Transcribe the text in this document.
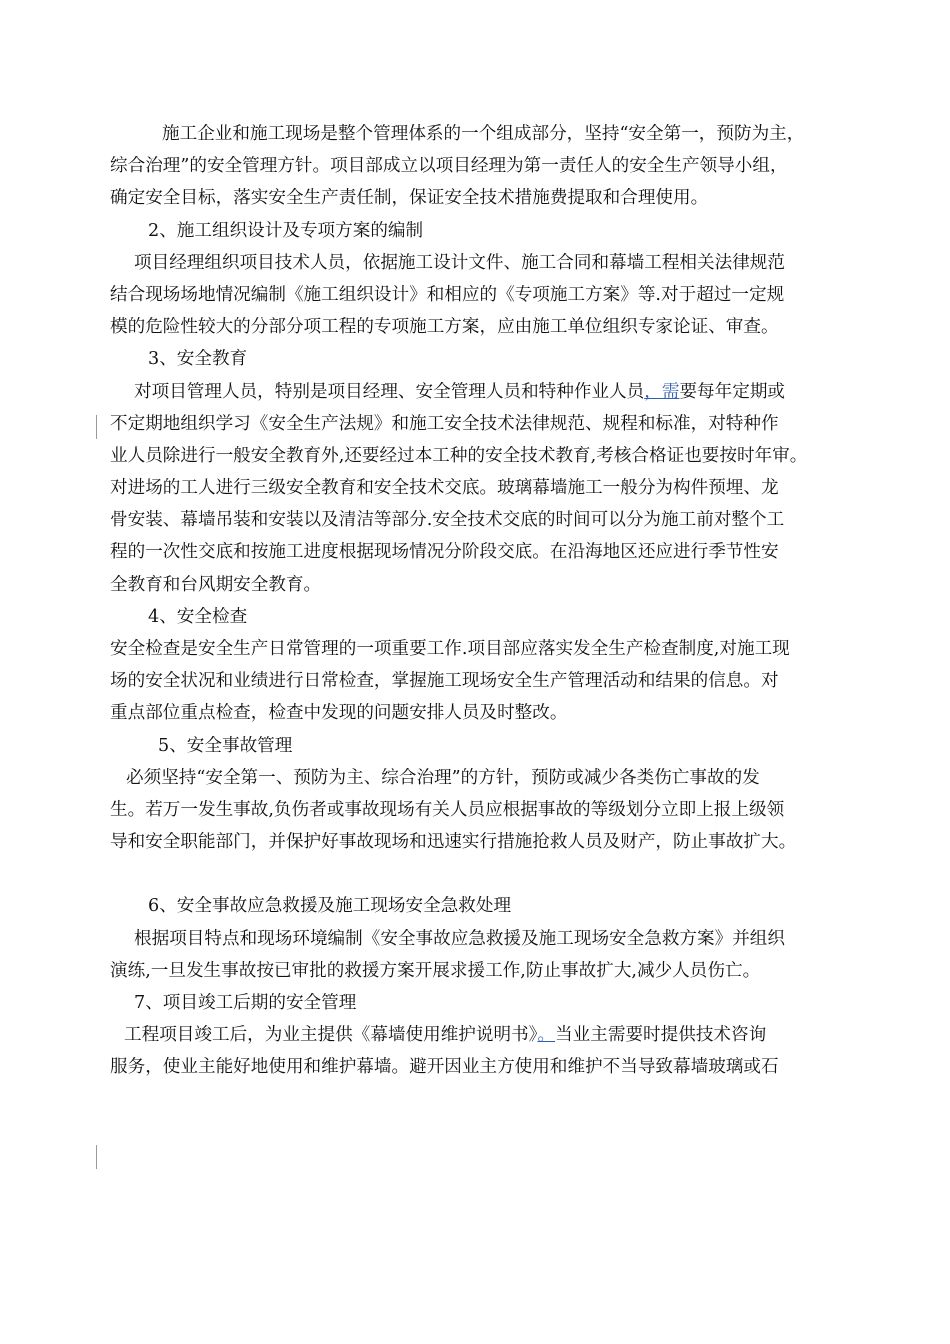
施工企业和施工现场是整个管理体系的一个组成部分，坚持“安全第一，预防为主，
综合治理”的安全管理方针。项目部成立以项目经理为第一责任人的安全生产领导小组，
确定安全目标，落实安全生产责任制，保证安全技术措施费提取和合理使用。
2、施工组织设计及专项方案的编制
项目经理组织项目技术人员，依据施工设计文件、施工合同和幕墙工程相关法律规范
结合现场场地情况编制《施工组织设计》和相应的《专项施工方案》等.对于超过一定规
模的危险性较大的分部分项工程的专项施工方案，应由施工单位组织专家论证、审查。
3、安全教育
对项目管理人员，特别是项目经理、安全管理人员和特种作业人员，需要每年定期或
不定期地组织学习《安全生产法规》和施工安全技术法律规范、规程和标准，对特种作
业人员除进行一般安全教育外,还要经过本工种的安全技术教育,考核合格证也要按时年审。
对进场的工人进行三级安全教育和安全技术交底。玻璃幕墙施工一般分为构件预埋、龙
骨安装、幕墙吊装和安装以及清洁等部分.安全技术交底的时间可以分为施工前对整个工
程的一次性交底和按施工进度根据现场情况分阶段交底。在沿海地区还应进行季节性安
全教育和台风期安全教育。
4、安全检查
安全检查是安全生产日常管理的一项重要工作.项目部应落实发全生产检查制度,对施工现
场的安全状况和业绩进行日常检查，掌握施工现场安全生产管理活动和结果的信息。对
重点部位重点检查，检查中发现的问题安排人员及时整改。
5、安全事故管理
必须坚持“安全第一、预防为主、综合治理”的方针，预防或减少各类伤亡事故的发
生。若万一发生事故,负伤者或事故现场有关人员应根据事故的等级划分立即上报上级领
导和安全职能部门，并保护好事故现场和迅速实行措施抢救人员及财产，防止事故扩大。
6、安全事故应急救援及施工现场安全急救处理
根据项目特点和现场环境编制《安全事故应急救援及施工现场安全急救方案》并组织
演练,一旦发生事故按已审批的救援方案开展求援工作,防止事故扩大,减少人员伤亡。
7、项目竣工后期的安全管理
工程项目竣工后，为业主提供《幕墙使用维护说明书》。当业主需要时提供技术咨询
服务，使业主能好地使用和维护幕墙。避开因业主方使用和维护不当导致幕墙玻璃或石
